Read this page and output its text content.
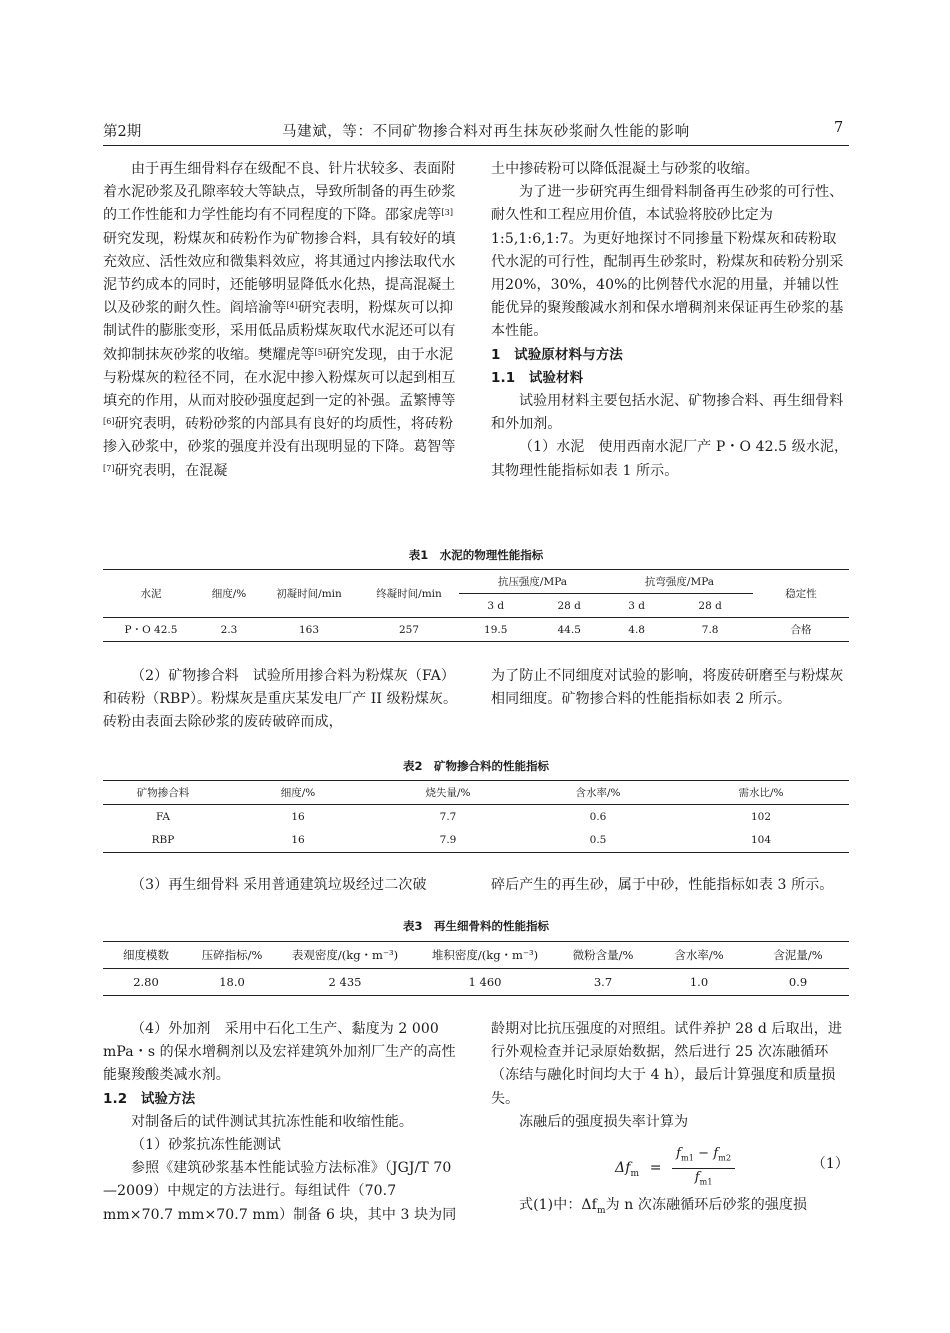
第2期	马建斌，等：不同矿物掺合料对再生抹灰砂浆耐久性能的影响	7

由于再生细骨料存在级配不良、针片状较多、表面附着水泥砂浆及孔隙率较大等缺点，导致所制备的再生砂浆的工作性能和力学性能均有不同程度的下降。邵家虎等[3]研究发现，粉煤灰和砖粉作为矿物掺合料，具有较好的填充效应、活性效应和微集料效应，将其通过内掺法取代水泥节约成本的同时，还能够明显降低水化热，提高混凝土以及砂浆的耐久性。阎培渝等[4]研究表明，粉煤灰可以抑制试件的膨胀变形，采用低品质粉煤灰取代水泥还可以有效抑制抹灰砂浆的收缩。樊耀虎等[5]研究发现，由于水泥与粉煤灰的粒径不同，在水泥中掺入粉煤灰可以起到相互填充的作用，从而对胶砂强度起到一定的补强。孟繁博等[6]研究表明，砖粉砂浆的内部具有良好的均质性，将砖粉掺入砂浆中，砂浆的强度并没有出现明显的下降。葛智等[7]研究表明，在混凝

土中掺砖粉可以降低混凝土与砂浆的收缩。

为了进一步研究再生细骨料制备再生砂浆的可行性、耐久性和工程应用价值，本试验将胶砂比定为1:5,1:6,1:7。为更好地探讨不同掺量下粉煤灰和砖粉取代水泥的可行性，配制再生砂浆时，粉煤灰和砖粉分别采用20%，30%，40%的比例替代水泥的用量，并辅以性能优异的聚羧酸减水剂和保水增稠剂来保证再生砂浆的基本性能。

1　试验原材料与方法

1.1　试验材料

试验用材料主要包括水泥、矿物掺合料、再生细骨料和外加剂。

（1）水泥　使用西南水泥厂产 P・O 42.5 级水泥，其物理性能指标如表 1 所示。

表1　水泥的物理性能指标
水泥	细度/%	初凝时间/min	终凝时间/min	抗压强度/MPa		抗弯强度/MPa		稳定性
				3 d	28 d	3 d	28 d	
P・O 42.5	2.3	163	257	19.5	44.5	4.8	7.8	合格

（2）矿物掺合料　试验所用掺合料为粉煤灰（FA）和砖粉（RBP）。粉煤灰是重庆某发电厂产 II 级粉煤灰。砖粉由表面去除砂浆的废砖破碎而成，

为了防止不同细度对试验的影响，将废砖研磨至与粉煤灰相同细度。矿物掺合料的性能指标如表 2 所示。

表2　矿物掺合料的性能指标
矿物掺合料	细度/%	烧失量/%	含水率/%	需水比/%
FA	16	7.7	0.6	102
RBP	16	7.9	0.5	104

（3）再生细骨料 采用普通建筑垃圾经过二次破	碎后产生的再生砂，属于中砂，性能指标如表 3 所示。

表3　再生细骨料的性能指标
细度模数	压碎指标/%	表观密度/(kg・m⁻³)	堆积密度/(kg・m⁻³)	微粉含量/%	含水率/%	含泥量/%
2.80	18.0	2 435	1 460	3.7	1.0	0.9

（4）外加剂　采用中石化工生产、黏度为 2 000 mPa・s 的保水增稠剂以及宏祥建筑外加剂厂生产的高性能聚羧酸类减水剂。

1.2　试验方法

对制备后的试件测试其抗冻性能和收缩性能。

（1）砂浆抗冻性能测试

参照《建筑砂浆基本性能试验方法标准》（JGJ/T 70—2009）中规定的方法进行。每组试件（70.7 mm×70.7 mm×70.7 mm）制备 6 块，其中 3 块为同

龄期对比抗压强度的对照组。试件养护 28 d 后取出，进行外观检查并记录原始数据，然后进行 25 次冻融循环（冻结与融化时间均大于 4 h），最后计算强度和质量损失。

冻融后的强度损失率计算为

$\Delta f_m = \frac{f_{m1} - f_{m2}}{f_{m1}}$	（1）

式(1)中：$\Delta f_m$为 n 次冻融循环后砂浆的强度损
